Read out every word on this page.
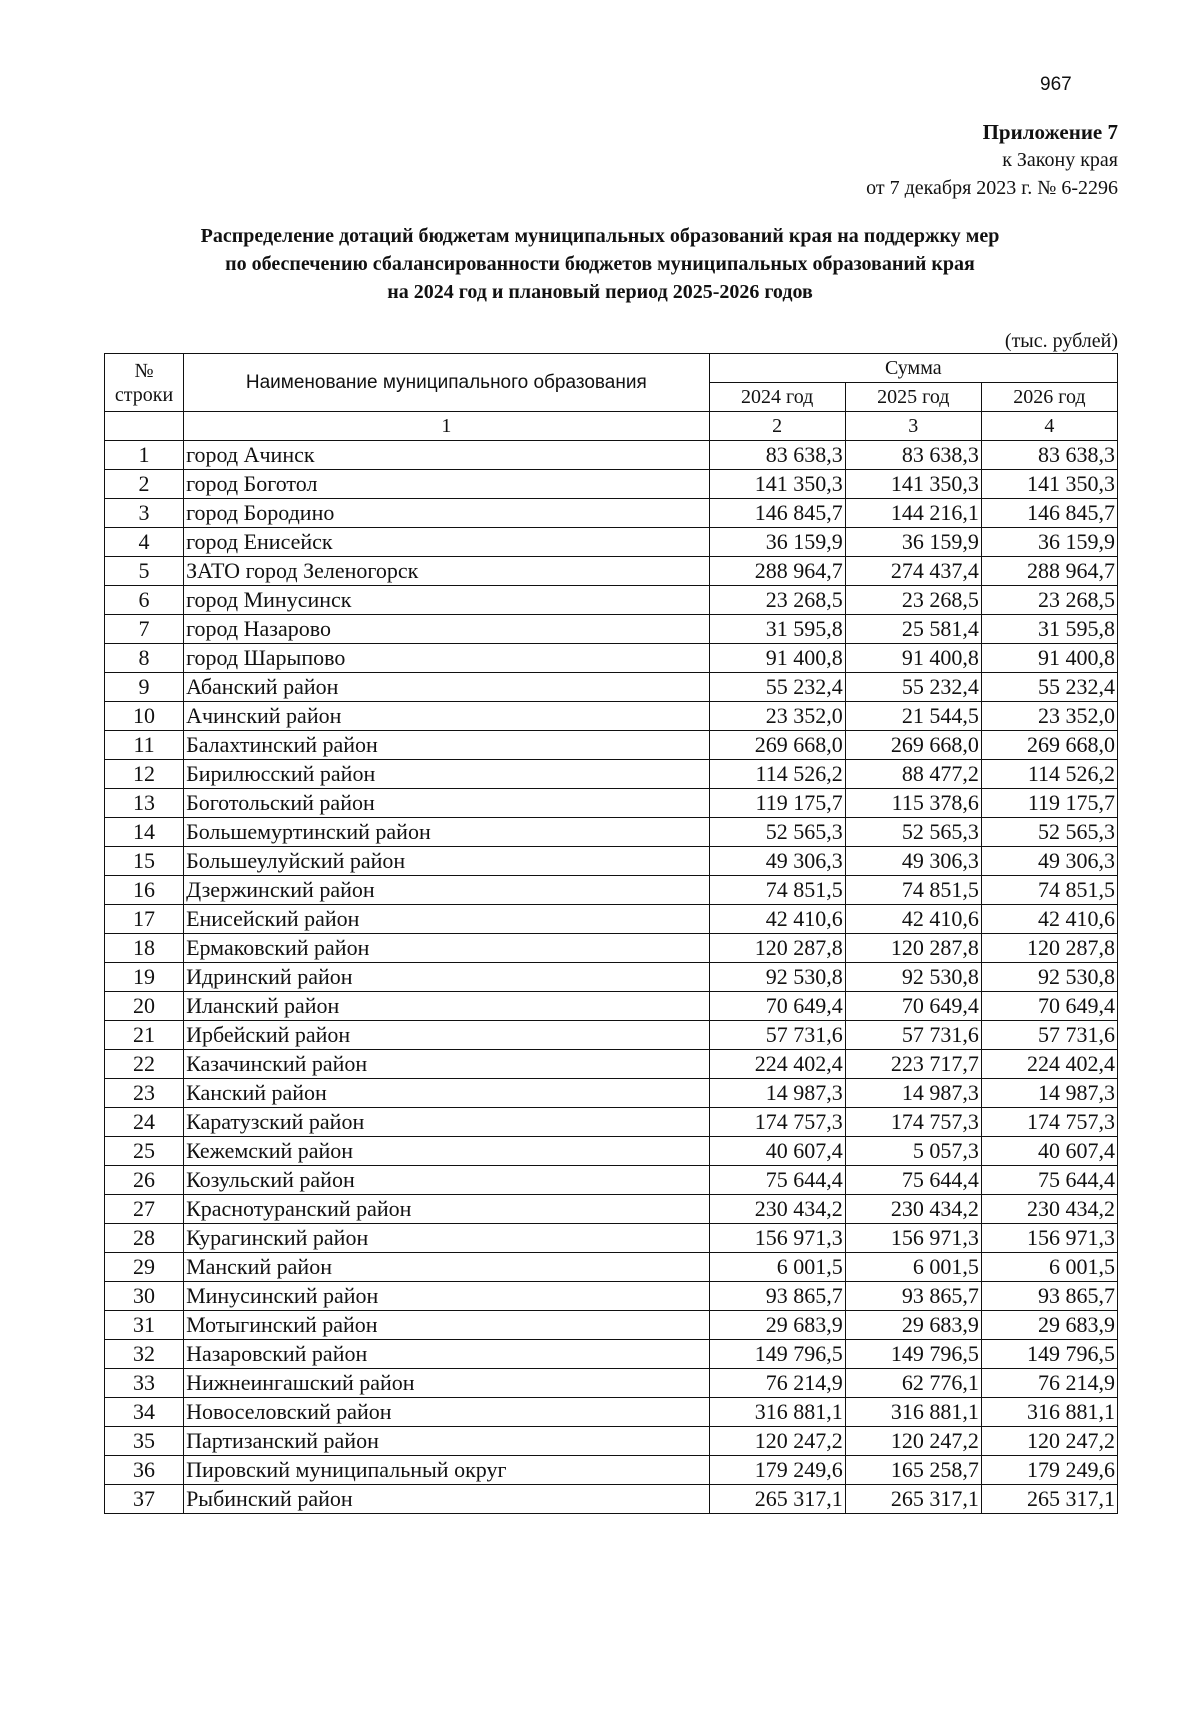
967
Приложение 7
к Закону края
от 7 декабря 2023 г. № 6-2296
Распределение дотаций бюджетам муниципальных образований края на поддержку мер
по обеспечению сбалансированности бюджетов муниципальных образований края
на 2024 год и плановый период 2025-2026 годов
(тыс. рублей)
№ строки	Наименование муниципального образования	Сумма		
		2024 год	2025 год	2026 год
	1	2	3	4
1	город Ачинск	83 638,3	83 638,3	83 638,3
2	город Боготол	141 350,3	141 350,3	141 350,3
3	город Бородино	146 845,7	144 216,1	146 845,7
4	город Енисейск	36 159,9	36 159,9	36 159,9
5	ЗАТО город Зеленогорск	288 964,7	274 437,4	288 964,7
6	город Минусинск	23 268,5	23 268,5	23 268,5
7	город Назарово	31 595,8	25 581,4	31 595,8
8	город Шарыпово	91 400,8	91 400,8	91 400,8
9	Абанский район	55 232,4	55 232,4	55 232,4
10	Ачинский район	23 352,0	21 544,5	23 352,0
11	Балахтинский район	269 668,0	269 668,0	269 668,0
12	Бирилюсский район	114 526,2	88 477,2	114 526,2
13	Боготольский район	119 175,7	115 378,6	119 175,7
14	Большемуртинский район	52 565,3	52 565,3	52 565,3
15	Большеулуйский район	49 306,3	49 306,3	49 306,3
16	Дзержинский район	74 851,5	74 851,5	74 851,5
17	Енисейский район	42 410,6	42 410,6	42 410,6
18	Ермаковский район	120 287,8	120 287,8	120 287,8
19	Идринский район	92 530,8	92 530,8	92 530,8
20	Иланский район	70 649,4	70 649,4	70 649,4
21	Ирбейский район	57 731,6	57 731,6	57 731,6
22	Казачинский район	224 402,4	223 717,7	224 402,4
23	Канский район	14 987,3	14 987,3	14 987,3
24	Каратузский район	174 757,3	174 757,3	174 757,3
25	Кежемский район	40 607,4	5 057,3	40 607,4
26	Козульский район	75 644,4	75 644,4	75 644,4
27	Краснотуранский район	230 434,2	230 434,2	230 434,2
28	Курагинский район	156 971,3	156 971,3	156 971,3
29	Манский район	6 001,5	6 001,5	6 001,5
30	Минусинский район	93 865,7	93 865,7	93 865,7
31	Мотыгинский район	29 683,9	29 683,9	29 683,9
32	Назаровский район	149 796,5	149 796,5	149 796,5
33	Нижнеингашский район	76 214,9	62 776,1	76 214,9
34	Новоселовский район	316 881,1	316 881,1	316 881,1
35	Партизанский район	120 247,2	120 247,2	120 247,2
36	Пировский муниципальный округ	179 249,6	165 258,7	179 249,6
37	Рыбинский район	265 317,1	265 317,1	265 317,1
